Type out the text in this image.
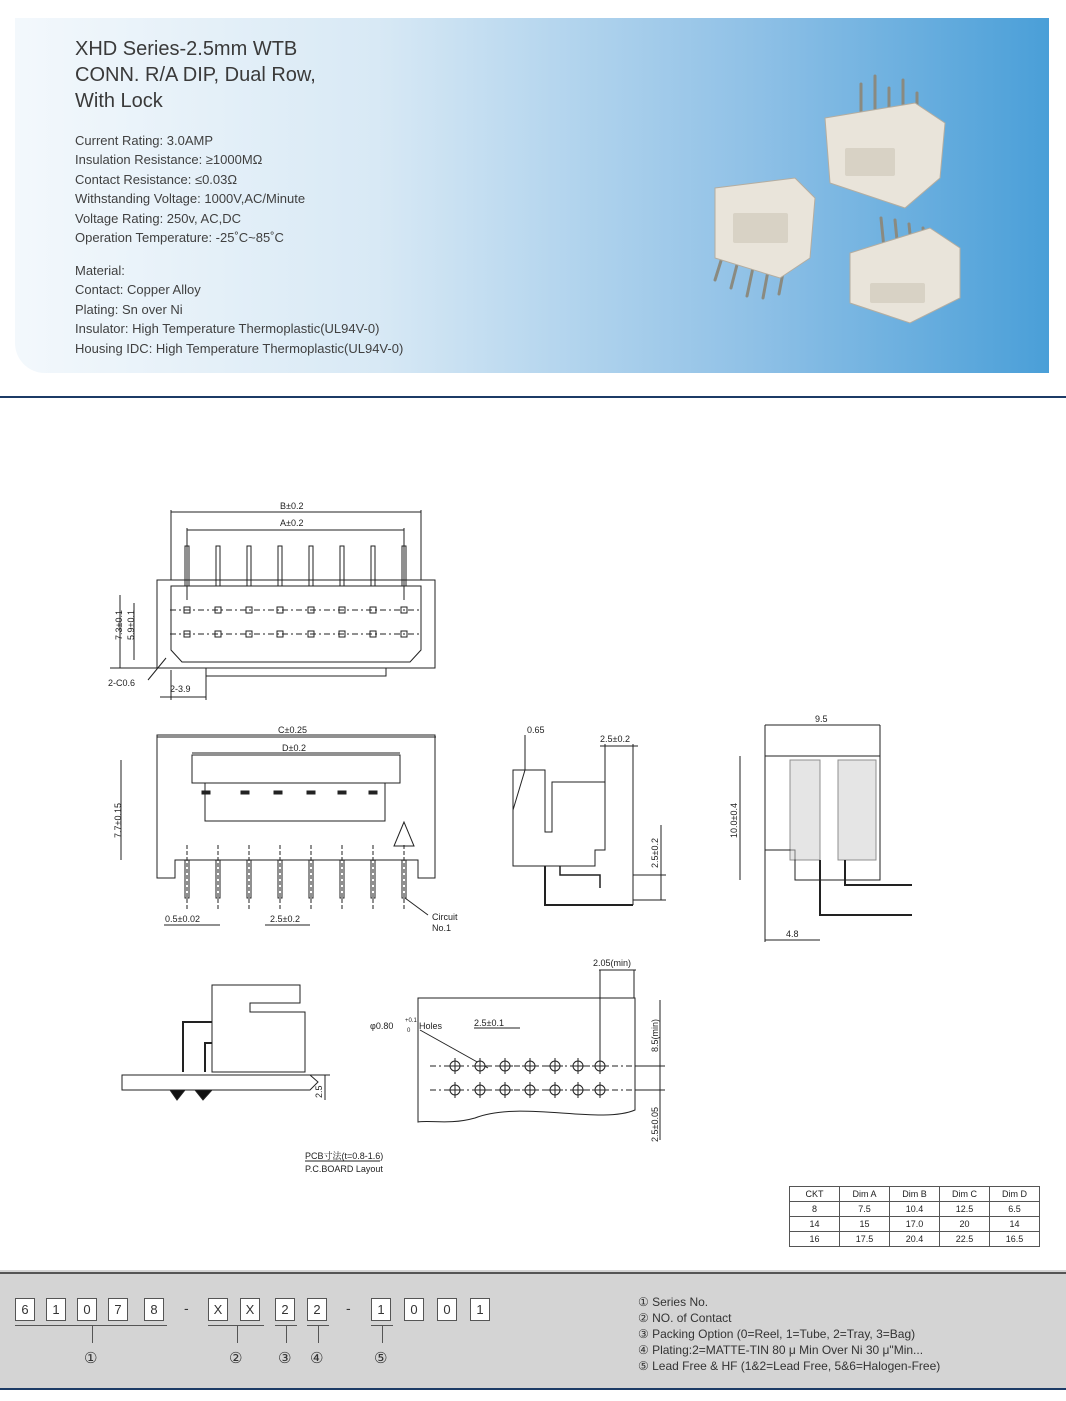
XHD Series-2.5mm WTB
CONN. R/A DIP, Dual Row,
With Lock
Current Rating: 3.0AMP
Insulation Resistance: ≥1000MΩ
Contact Resistance: ≤0.03Ω
Withstanding Voltage: 1000V,AC/Minute
Voltage Rating: 250v, AC,DC
Operation Temperature: -25˚C~85˚C
Material:
Contact: Copper Alloy
Plating: Sn over Ni
Insulator: High Temperature Thermoplastic(UL94V-0)
Housing IDC: High Temperature Thermoplastic(UL94V-0)
B±0.2
A±0.2
7.3±0.1 5.9±0.1
2-C0.6
2-3.9
C±0.25
D±0.2
7.7±0.15
0.5±0.02	2.5±0.2	Circuit
No.1
0.65
2.5±0.2
2.5±0.2
9.5
10.0±0.4
4.8
2.05(min)
φ0.80 +0.1
0 Holes	2.5±0.1	8.5(min)
2.5±0.05
2.5
PCB寸法(t=0.8-1.6)
P.C.BOARD Layout
CKT	Dim A	Dim B	Dim C	Dim D
8	7.5	10.4	12.5	6.5
14	15	17.0	20	14
16	17.5	20.4	22.5	16.5
6	1	0	7	8	-	X	X	2	2	-	1	0	0	1
①	② ③ ④	⑤
① Series No.
② NO. of Contact
③ Packing Option (0=Reel, 1=Tube, 2=Tray, 3=Bag)
④ Plating:2=MATTE-TIN 80 μ Min Over Ni 30 μ"Min...
⑤ Lead Free & HF (1&2=Lead Free, 5&6=Halogen-Free)
